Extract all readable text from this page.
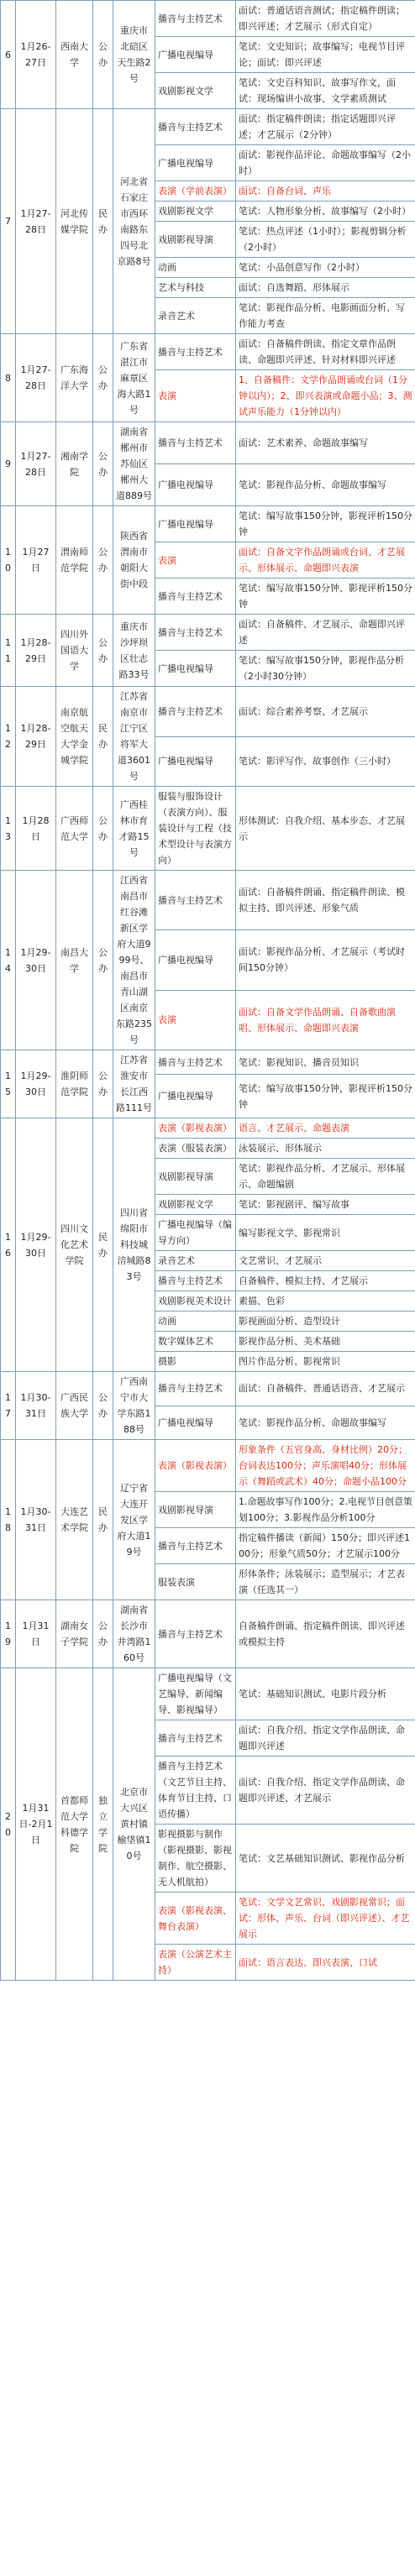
6	1月26-27日	西南大学	公办	重庆市北碚区天生路2号	播音与主持艺术	面试：普通话语音测试；指定稿件朗读；即兴评述；才艺展示（形式自定）
					广播电视编导	笔试：文史知识；故事编写；电视节目评论；面试：即兴评述
					戏剧影视文学	笔试：文史百科知识、故事写作文，面试：现场编讲小故事、文学素质测试
7	1月27-28日	河北传媒学院	民办	河北省石家庄市西环南路东四号北京路8号	播音与主持艺术	面试：指定稿件朗读；指定话题即兴评述；才艺展示（2分钟）
					广播电视编导	面试：影视作品评论、命题故事编写（2小时）
					表演（学前表演）	面试：自备台词、声乐
					戏剧影视文学	笔试：人物形象分析、故事编写（2小时）
					戏剧影视导演	笔试：热点评述（1小时）；影视剪辑分析（2小时）
					动画	笔试：小品创意写作（2小时）
					艺术与科技	面试：自选舞蹈、形体展示
					录音艺术	笔试：影视作品分析、电影画面分析、写作能力考查
8	1月27-28日	广东海洋大学	公办	广东省湛江市麻章区海大路1号	播音与主持艺术	面试：自备稿件朗读、指定文章作品朗读、命题即兴评述、针对材料即兴评述
					表演	1、自备稿件：文学作品朗诵或台词（1分钟以内）；2、即兴表演或命题小品；3、测试声乐能力（1分钟以内）
9	1月27-28日	湘南学院	公办	湖南省郴州市苏仙区郴州大道889号	播音与主持艺术	面试：艺术素养、命题故事编写
					广播电视编导	笔试：影视作品分析、命题故事编写
10	1月27日	渭南师范学院	公办	陕西省渭南市朝阳大街中段	广播电视编导	笔试：编写故事150分钟，影视评析150分钟
					表演	面试：自备文字作品朗诵或台词、才艺展示、形体展示、命题即兴表演
					播音与主持艺术	笔试：编写故事150分钟、影视评析150分钟
11	1月28-29日	四川外国语大学	公办	重庆市沙坪坝区壮志路33号	播音与主持艺术	面试：自备稿件、才艺展示、命题即兴评述
					广播电视编导	笔试：编写故事150分钟，影视作品分析（2小时30分钟）
12	1月28-29日	南京航空航天大学金城学院	民办	江苏省南京市江宁区将军大道3601号	播音与主持艺术	面试：综合素养考察、才艺展示
					广播电视编导	笔试：影评写作、故事创作（三小时）
13	1月28日	广西师范大学	公办	广西桂林市育才路15号	服装与服饰设计（表演方向）、服装设计与工程（技术型设计与表演方向）	形体测试：自我介绍、基本步态、才艺展示
14	1月29-30日	南昌大学	公办	江西省南昌市红谷滩新区学府大道999号、南昌市青山湖区南京东路235号	播音与主持艺术	面试：自备稿件朗诵、指定稿件朗读、模拟主持、即兴评述、形象气质
					广播电视编导	面试：影视作品分析、才艺展示（考试时间150分钟）
					表演	面试：自备文学作品朗诵、自备歌曲演唱、形体展示、命题即兴表演
15	1月29-30日	淮阴师范学院	公办	江苏省淮安市长江西路111号	播音与主持艺术	笔试：影视知识、播音员知识
					广播电视编导	笔试：编写故事150分钟，影视评析150分钟
16	1月29-30日	四川文化艺术学院	民办	四川省绵阳市科技城涪城路83号	表演（影视表演）	语言、才艺展示、命题表演
					表演（服装表演）	泳装展示、形体展示
					戏剧影视导演	笔试：影视作品分析、才艺展示、形体展示、命题编剧
					戏剧影视文学	笔试：影视剧评、编写故事
					广播电视编导（编导方向）	编写影视文学、影视常识
					录音艺术	文艺常识、才艺展示
					播音与主持艺术	自备稿件、模拟主持、才艺展示
					戏剧影视美术设计	素描、色彩
					动画	影视画面分析、造型设计
					数字媒体艺术	影视作品分析、美术基础
					摄影	图片作品分析、影视常识
17	1月30-31日	广西民族大学	公办	广西南宁市大学东路188号	播音与主持艺术	面试：自备稿件、普通话语音、才艺展示
					广播电视编导	笔试：影视作品分析、命题故事编写
18	1月30-31日	大连艺术学院	民办	辽宁省大连开发区学府大道19号	表演（影视表演）	形象条件（五官身高、身材比例）20分；台词表达100分；声乐演唱40分；形体展示（舞蹈或武术）40分；命题小品100分
					戏剧影视导演	1.命题故事写作100分；2.电视节目创意策划100分；3.影视作品分析100分
					播音与主持艺术	指定稿件播读（新闻）150分；即兴评述100分；形象气质50分；才艺展示100分
					服装表演	形体条件；泳装展示；造型展示；才艺表演（任选其一）
19	1月31日	湖南女子学院	公办	湖南省长沙市井湾路160号	播音与主持艺术	自备稿件朗诵、指定稿件朗读、即兴评述或模拟主持
20	1月31日-2月1日	首都师范大学科德学院	独立学院	北京市大兴区黄村镇榆垡镇10号	广播电视编导（文艺编导、新闻编导、影视编导）	笔试：基础知识测试、电影片段分析
					播音与主持艺术	面试：自我介绍、指定文学作品朗读、命题即兴评述
					播音与主持艺术（文艺节目主持、体育节目主持、口语传播）	面试：自我介绍、指定文学作品朗读、命题即兴评述、才艺展示
					影视摄影与制作（影视摄影、影视制作、航空摄影、无人机航拍）	笔试：文艺基础知识测试、影视作品分析
					表演（影视表演、舞台表演）	笔试：文学文艺常识、戏剧影视常识；面试：形体、声乐、台词（即兴评述）、才艺展示
					表演（公演艺术主持）	面试：语言表达、即兴表演、口试
